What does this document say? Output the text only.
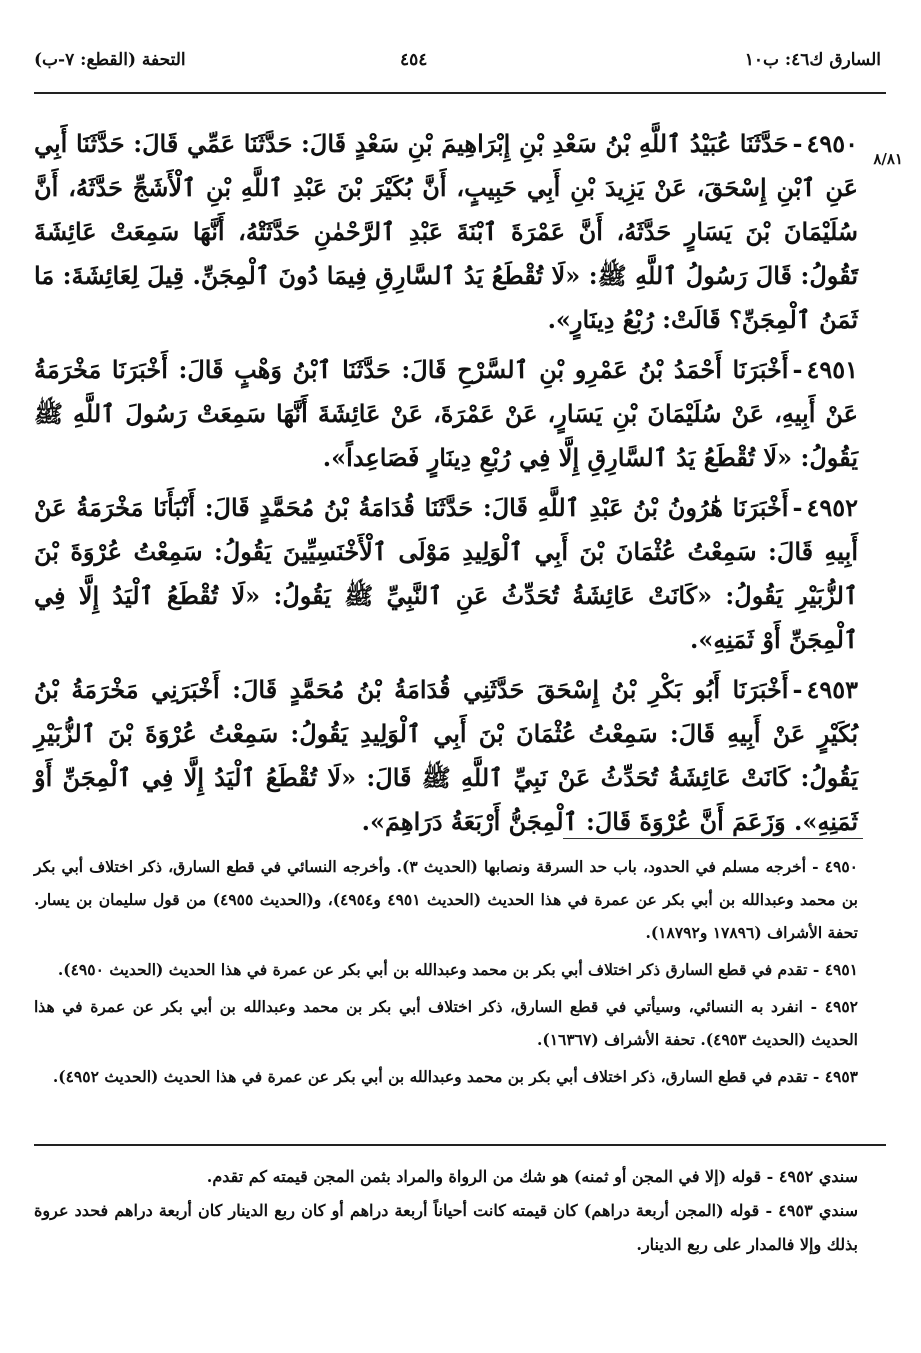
السارق ك٤٦: ب١٠
٤٥٤
التحفة (القطع: ٧-ب)
٨/٨١

٤٩٥٠-حَدَّثَنَا عُبَيْدُ ٱللَّهِ بْنُ سَعْدِ بْنِ إِبْرَاهِيمَ بْنِ سَعْدٍ قَالَ: حَدَّثَنَا عَمِّي قَالَ: حَدَّثَنَا أَبِي عَنِ ٱبْنِ إِسْحَقَ، عَنْ يَزِيدَ بْنِ أَبِي حَبِيبٍ، أَنَّ بُكَيْرَ بْنَ عَبْدِ ٱللَّهِ بْنِ ٱلْأَشَجِّ حَدَّثَهُ، أَنَّ سُلَيْمَانَ بْنَ يَسَارٍ حَدَّثَهُ، أَنَّ عَمْرَةَ ٱبْنَةَ عَبْدِ ٱلرَّحْمٰنِ حَدَّثَتْهُ، أَنَّهَا سَمِعَتْ عَائِشَةَ تَقُولُ: قَالَ رَسُولُ ٱللَّهِ ﷺ: «لَا تُقْطَعُ يَدُ ٱلسَّارِقِ فِيمَا دُونَ ٱلْمِجَنِّ. قِيلَ لِعَائِشَةَ: مَا ثَمَنُ ٱلْمِجَنِّ؟ قَالَتْ: رُبْعُ دِينَارٍ».

٤٩٥١-أَخْبَرَنَا أَحْمَدُ بْنُ عَمْرِو بْنِ ٱلسَّرْحِ قَالَ: حَدَّثَنَا ٱبْنُ وَهْبٍ قَالَ: أَخْبَرَنَا مَخْرَمَةُ عَنْ أَبِيهِ، عَنْ سُلَيْمَانَ بْنِ يَسَارٍ، عَنْ عَمْرَةَ، عَنْ عَائِشَةَ أَنَّهَا سَمِعَتْ رَسُولَ ٱللَّهِ ﷺ يَقُولُ: «لَا تُقْطَعُ يَدُ ٱلسَّارِقِ إِلَّا فِي رُبْعِ دِينَارٍ فَصَاعِداً».

٤٩٥٢-أَخْبَرَنَا هَٰرُونُ بْنُ عَبْدِ ٱللَّهِ قَالَ: حَدَّثَنَا قُدَامَةُ بْنُ مُحَمَّدٍ قَالَ: أَنْبَأَنَا مَخْرَمَةُ عَنْ أَبِيهِ قَالَ: سَمِعْتُ عُثْمَانَ بْنَ أَبِي ٱلْوَلِيدِ مَوْلَى ٱلْأَخْنَسِيِّينَ يَقُولُ: سَمِعْتُ عُرْوَةَ بْنَ ٱلزُّبَيْرِ يَقُولُ: «كَانَتْ عَائِشَةُ تُحَدِّثُ عَنِ ٱلنَّبِيِّ ﷺ يَقُولُ: «لَا تُقْطَعُ ٱلْيَدُ إِلَّا فِي ٱلْمِجَنِّ أَوْ ثَمَنِهِ».

٤٩٥٣-أَخْبَرَنَا أَبُو بَكْرِ بْنُ إِسْحَقَ حَدَّثَنِي قُدَامَةُ بْنُ مُحَمَّدٍ قَالَ: أَخْبَرَنِي مَخْرَمَةُ بْنُ بُكَيْرٍ عَنْ أَبِيهِ قَالَ: سَمِعْتُ عُثْمَانَ بْنَ أَبِي ٱلْوَلِيدِ يَقُولُ: سَمِعْتُ عُرْوَةَ بْنَ ٱلزُّبَيْرِ يَقُولُ: كَانَتْ عَائِشَةُ تُحَدِّثُ عَنْ نَبِيِّ ٱللَّهِ ﷺ قَالَ: «لَا تُقْطَعُ ٱلْيَدُ إِلَّا فِي ٱلْمِجَنِّ أَوْ ثَمَنِهِ». وَزَعَمَ أَنَّ عُرْوَةَ قَالَ: ٱلْمِجَنُّ أَرْبَعَةُ دَرَاهِمَ».

٤٩٥٠ - أخرجه مسلم في الحدود، باب حد السرقة ونصابها (الحديث ٣). وأخرجه النسائي في قطع السارق، ذكر اختلاف أبي بكر بن محمد وعبدالله بن أبي بكر عن عمرة في هذا الحديث (الحديث ٤٩٥١ و٤٩٥٤)، و(الحديث ٤٩٥٥) من قول سليمان بن يسار. تحفة الأشراف (١٧٨٩٦ و١٨٧٩٢).

٤٩٥١ - تقدم في قطع السارق ذكر اختلاف أبي بكر بن محمد وعبدالله بن أبي بكر عن عمرة في هذا الحديث (الحديث ٤٩٥٠).

٤٩٥٢ - انفرد به النسائي، وسيأتي في قطع السارق، ذكر اختلاف أبي بكر بن محمد وعبدالله بن أبي بكر عن عمرة في هذا الحديث (الحديث ٤٩٥٣). تحفة الأشراف (١٦٣٦٧).

٤٩٥٣ - تقدم في قطع السارق، ذكر اختلاف أبي بكر بن محمد وعبدالله بن أبي بكر عن عمرة في هذا الحديث (الحديث ٤٩٥٢).

سندي ٤٩٥٢ - قوله (إلا في المجن أو ثمنه) هو شك من الرواة والمراد بثمن المجن قيمته كم تقدم.

سندي ٤٩٥٣ - قوله (المجن أربعة دراهم) كان قيمته كانت أحياناً أربعة دراهم أو كان ربع الدينار كان أربعة دراهم فحدد عروة بذلك وإلا فالمدار على ربع الدينار.
